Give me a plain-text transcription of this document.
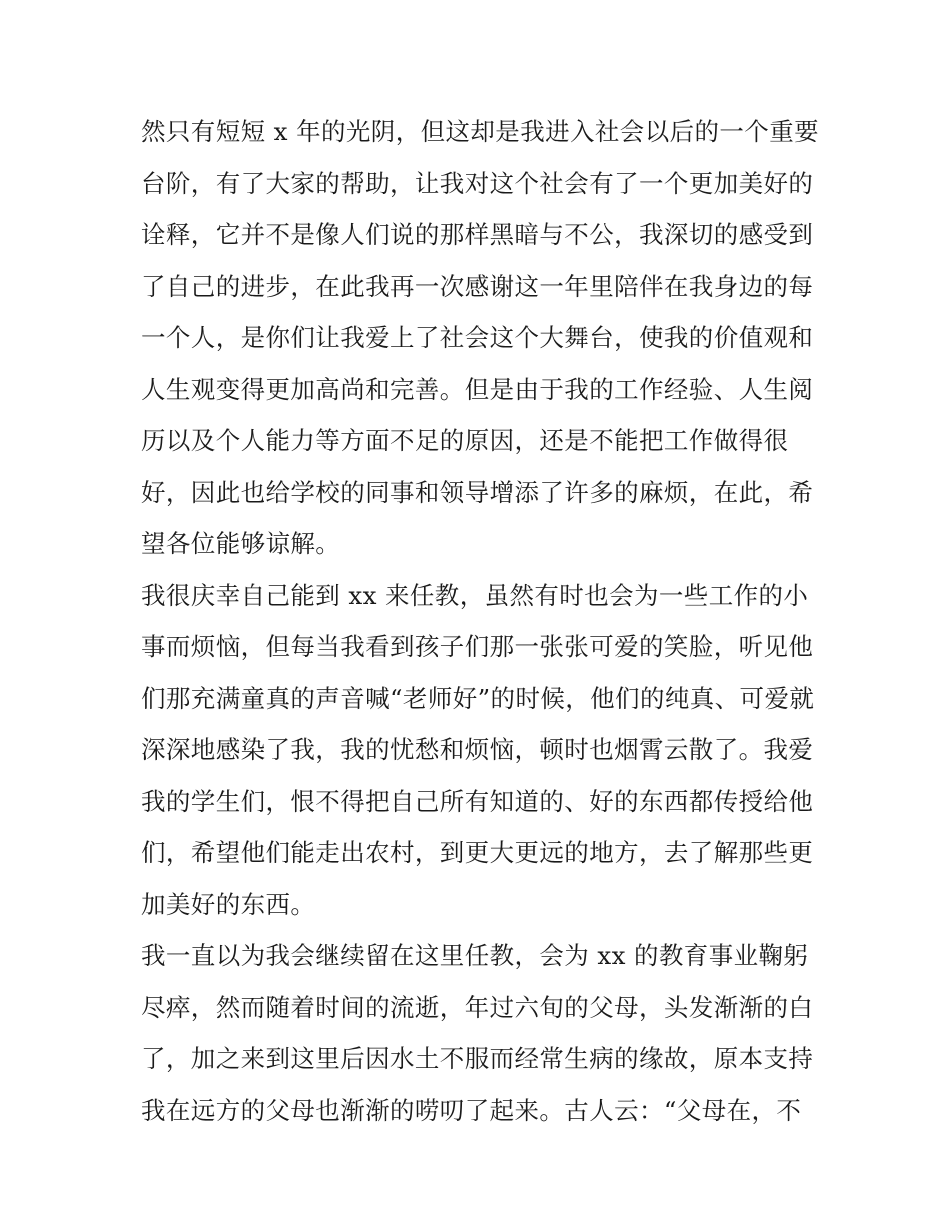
然只有短短 x 年的光阴，但这却是我进入社会以后的一个重要
台阶，有了大家的帮助，让我对这个社会有了一个更加美好的
诠释，它并不是像人们说的那样黑暗与不公，我深切的感受到
了自己的进步，在此我再一次感谢这一年里陪伴在我身边的每
一个人，是你们让我爱上了社会这个大舞台，使我的价值观和
人生观变得更加高尚和完善。但是由于我的工作经验、人生阅
历以及个人能力等方面不足的原因，还是不能把工作做得很
好，因此也给学校的同事和领导增添了许多的麻烦，在此，希
望各位能够谅解。
我很庆幸自己能到 xx 来任教，虽然有时也会为一些工作的小
事而烦恼，但每当我看到孩子们那一张张可爱的笑脸，听见他
们那充满童真的声音喊“老师好”的时候，他们的纯真、可爱就
深深地感染了我，我的忧愁和烦恼，顿时也烟霄云散了。我爱
我的学生们，恨不得把自己所有知道的、好的东西都传授给他
们，希望他们能走出农村，到更大更远的地方，去了解那些更
加美好的东西。
我一直以为我会继续留在这里任教，会为 xx 的教育事业鞠躬
尽瘁，然而随着时间的流逝，年过六旬的父母，头发渐渐的白
了，加之来到这里后因水土不服而经常生病的缘故，原本支持
我在远方的父母也渐渐的唠叨了起来。古人云：“父母在，不
